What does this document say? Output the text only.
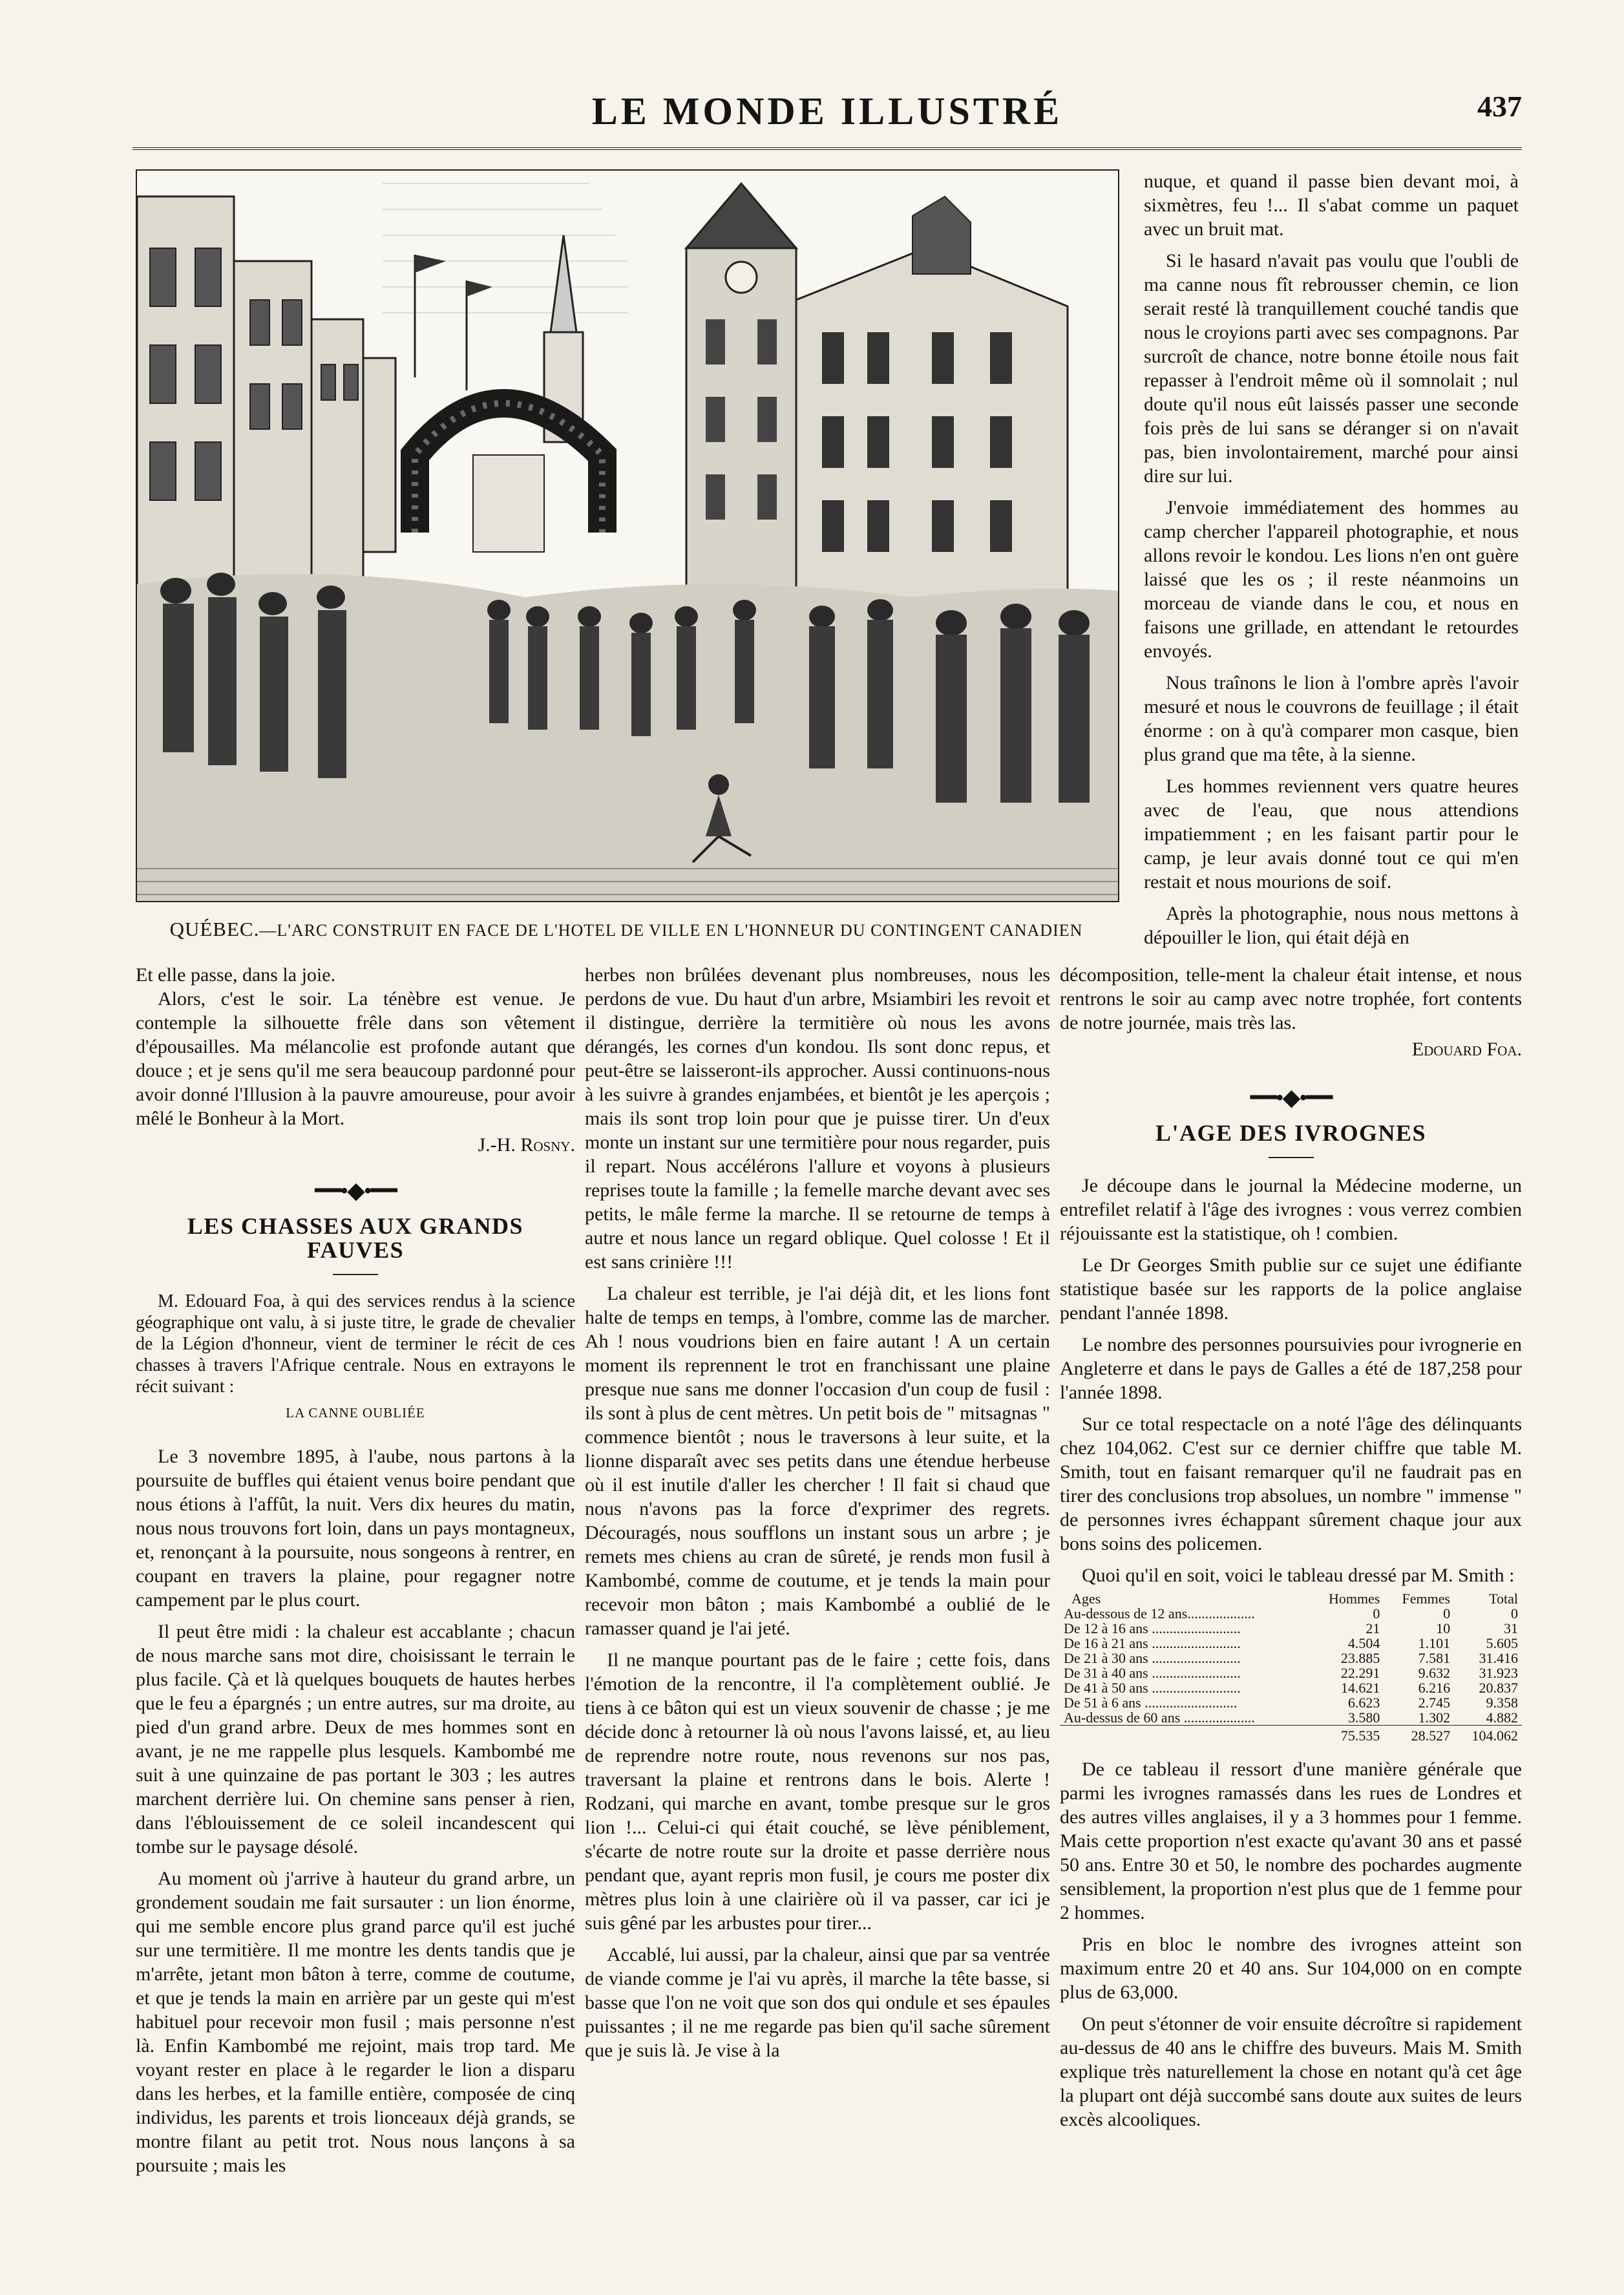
LE MONDE ILLUSTRÉ	437
QUÉBEC.—L'ARC CONSTRUIT EN FACE DE L'HOTEL DE VILLE EN L'HONNEUR DU CONTINGENT CANADIEN

nuque, et quand il passe bien devant moi, à sixmètres, feu !... Il s'abat comme un paquet avec un bruit mat.

Si le hasard n'avait pas voulu que l'oubli de ma canne nous fît rebrousser chemin, ce lion serait resté là tranquillement couché tandis que nous le croyions parti avec ses compagnons. Par surcroît de chance, notre bonne étoile nous fait repasser à l'endroit même où il somnolait ; nul doute qu'il nous eût laissés passer une seconde fois près de lui sans se déranger si on n'avait pas, bien involontairement, marché pour ainsi dire sur lui.

J'envoie immédiatement des hommes au camp chercher l'appareil photographie, et nous allons revoir le kondou. Les lions n'en ont guère laissé que les os ; il reste néanmoins un morceau de viande dans le cou, et nous en faisons une grillade, en attendant le retourdes envoyés.

Nous traînons le lion à l'ombre après l'avoir mesuré et nous le couvrons de feuillage ; il était énorme : on à qu'à comparer mon casque, bien plus grand que ma tête, à la sienne.

Les hommes reviennent vers quatre heures avec de l'eau, que nous attendions impatiemment ; en les faisant partir pour le camp, je leur avais donné tout ce qui m'en restait et nous mourions de soif.

Après la photographie, nous nous mettons à dépouiller le lion, qui était déjà en

décomposition, telle-ment la chaleur était intense, et nous rentrons le soir au camp avec notre trophée, fort contents de notre journée, mais très las.

Edouard Foa.

Et elle passe, dans la joie.

Alors, c'est le soir. La ténèbre est venue. Je contemple la silhouette frêle dans son vêtement d'épousailles. Ma mélancolie est profonde autant que douce ; et je sens qu'il me sera beaucoup pardonné pour avoir donné l'Illusion à la pauvre amoureuse, pour avoir mêlé le Bonheur à la Mort.

J.-H. Rosny.

━━•◆•━━
LES CHASSES AUX GRANDS FAUVES

M. Edouard Foa, à qui des services rendus à la science géographique ont valu, à si juste titre, le grade de chevalier de la Légion d'honneur, vient de terminer le récit de ces chasses à travers l'Afrique centrale. Nous en extrayons le récit suivant :

LA CANNE OUBLIÉE

Le 3 novembre 1895, à l'aube, nous partons à la poursuite de buffles qui étaient venus boire pendant que nous étions à l'affût, la nuit. Vers dix heures du matin, nous nous trouvons fort loin, dans un pays montagneux, et, renonçant à la poursuite, nous songeons à rentrer, en coupant en travers la plaine, pour regagner notre campement par le plus court.

Il peut être midi : la chaleur est accablante ; chacun de nous marche sans mot dire, choisissant le terrain le plus facile. Çà et là quelques bouquets de hautes herbes que le feu a épargnés ; un entre autres, sur ma droite, au pied d'un grand arbre. Deux de mes hommes sont en avant, je ne me rappelle plus lesquels. Kambombé me suit à une quinzaine de pas portant le 303 ; les autres marchent derrière lui. On chemine sans penser à rien, dans l'éblouissement de ce soleil incandescent qui tombe sur le paysage désolé.

Au moment où j'arrive à hauteur du grand arbre, un grondement soudain me fait sursauter : un lion énorme, qui me semble encore plus grand parce qu'il est juché sur une termitière. Il me montre les dents tandis que je m'arrête, jetant mon bâton à terre, comme de coutume, et que je tends la main en arrière par un geste qui m'est habituel pour recevoir mon fusil ; mais personne n'est là. Enfin Kambombé me rejoint, mais trop tard. Me voyant rester en place à le regarder le lion a disparu dans les herbes, et la famille entière, composée de cinq individus, les parents et trois lionceaux déjà grands, se montre filant au petit trot. Nous nous lançons à sa poursuite ; mais les

herbes non brûlées devenant plus nombreuses, nous les perdons de vue. Du haut d'un arbre, Msiambiri les revoit et il distingue, derrière la termitière où nous les avons dérangés, les cornes d'un kondou. Ils sont donc repus, et peut-être se laisseront-ils approcher. Aussi continuons-nous à les suivre à grandes enjambées, et bientôt je les aperçois ; mais ils sont trop loin pour que je puisse tirer. Un d'eux monte un instant sur une termitière pour nous regarder, puis il repart. Nous accélérons l'allure et voyons à plusieurs reprises toute la famille ; la femelle marche devant avec ses petits, le mâle ferme la marche. Il se retourne de temps à autre et nous lance un regard oblique. Quel colosse ! Et il est sans crinière !!!

La chaleur est terrible, je l'ai déjà dit, et les lions font halte de temps en temps, à l'ombre, comme las de marcher. Ah ! nous voudrions bien en faire autant ! A un certain moment ils reprennent le trot en franchissant une plaine presque nue sans me donner l'occasion d'un coup de fusil : ils sont à plus de cent mètres. Un petit bois de " mitsagnas " commence bientôt ; nous le traversons à leur suite, et la lionne disparaît avec ses petits dans une étendue herbeuse où il est inutile d'aller les chercher ! Il fait si chaud que nous n'avons pas la force d'exprimer des regrets. Découragés, nous soufflons un instant sous un arbre ; je remets mes chiens au cran de sûreté, je rends mon fusil à Kambombé, comme de coutume, et je tends la main pour recevoir mon bâton ; mais Kambombé a oublié de le ramasser quand je l'ai jeté.

Il ne manque pourtant pas de le faire ; cette fois, dans l'émotion de la rencontre, il l'a complètement oublié. Je tiens à ce bâton qui est un vieux souvenir de chasse ; je me décide donc à retourner là où nous l'avons laissé, et, au lieu de reprendre notre route, nous revenons sur nos pas, traversant la plaine et rentrons dans le bois. Alerte ! Rodzani, qui marche en avant, tombe presque sur le gros lion !... Celui-ci qui était couché, se lève péniblement, s'écarte de notre route sur la droite et passe derrière nous pendant que, ayant repris mon fusil, je cours me poster dix mètres plus loin à une clairière où il va passer, car ici je suis gêné par les arbustes pour tirer...

Accablé, lui aussi, par la chaleur, ainsi que par sa ventrée de viande comme je l'ai vu après, il marche la tête basse, si basse que l'on ne voit que son dos qui ondule et ses épaules puissantes ; il ne me regarde pas bien qu'il sache sûrement que je suis là. Je vise à la

━━•◆•━━
L'AGE DES IVROGNES

Je découpe dans le journal la Médecine moderne, un entrefilet relatif à l'âge des ivrognes : vous verrez combien réjouissante est la statistique, oh ! combien.

Le Dr Georges Smith publie sur ce sujet une édifiante statistique basée sur les rapports de la police anglaise pendant l'année 1898.

Le nombre des personnes poursuivies pour ivrognerie en Angleterre et dans le pays de Galles a été de 187,258 pour l'année 1898.

Sur ce total respectacle on a noté l'âge des délinquants chez 104,062. C'est sur ce dernier chiffre que table M. Smith, tout en faisant remarquer qu'il ne faudrait pas en tirer des conclusions trop absolues, un nombre " immense " de personnes ivres échappant sûrement chaque jour aux bons soins des policemen.

Quoi qu'il en soit, voici le tableau dressé par M. Smith :

Ages	Hommes	Femmes	Total
Au-dessous de 12 ans...................	0	0	0
De 12 à 16 ans .........................	21	10	31
De 16 à 21 ans .........................	4.504	1.101	5.605
De 21 à 30 ans .........................	23.885	7.581	31.416
De 31 à 40 ans .........................	22.291	9.632	31.923
De 41 à 50 ans .........................	14.621	6.216	20.837
De 51 à 6 ans ..........................	6.623	2.745	9.358
Au-dessus de 60 ans ....................	3.580	1.302	4.882
	75.535	28.527	104.062

De ce tableau il ressort d'une manière générale que parmi les ivrognes ramassés dans les rues de Londres et des autres villes anglaises, il y a 3 hommes pour 1 femme. Mais cette proportion n'est exacte qu'avant 30 ans et passé 50 ans. Entre 30 et 50, le nombre des pochardes augmente sensiblement, la proportion n'est plus que de 1 femme pour 2 hommes.

Pris en bloc le nombre des ivrognes atteint son maximum entre 20 et 40 ans. Sur 104,000 on en compte plus de 63,000.

On peut s'étonner de voir ensuite décroître si rapidement au-dessus de 40 ans le chiffre des buveurs. Mais M. Smith explique très naturellement la chose en notant qu'à cet âge la plupart ont déjà succombé sans doute aux suites de leurs excès alcooliques.
